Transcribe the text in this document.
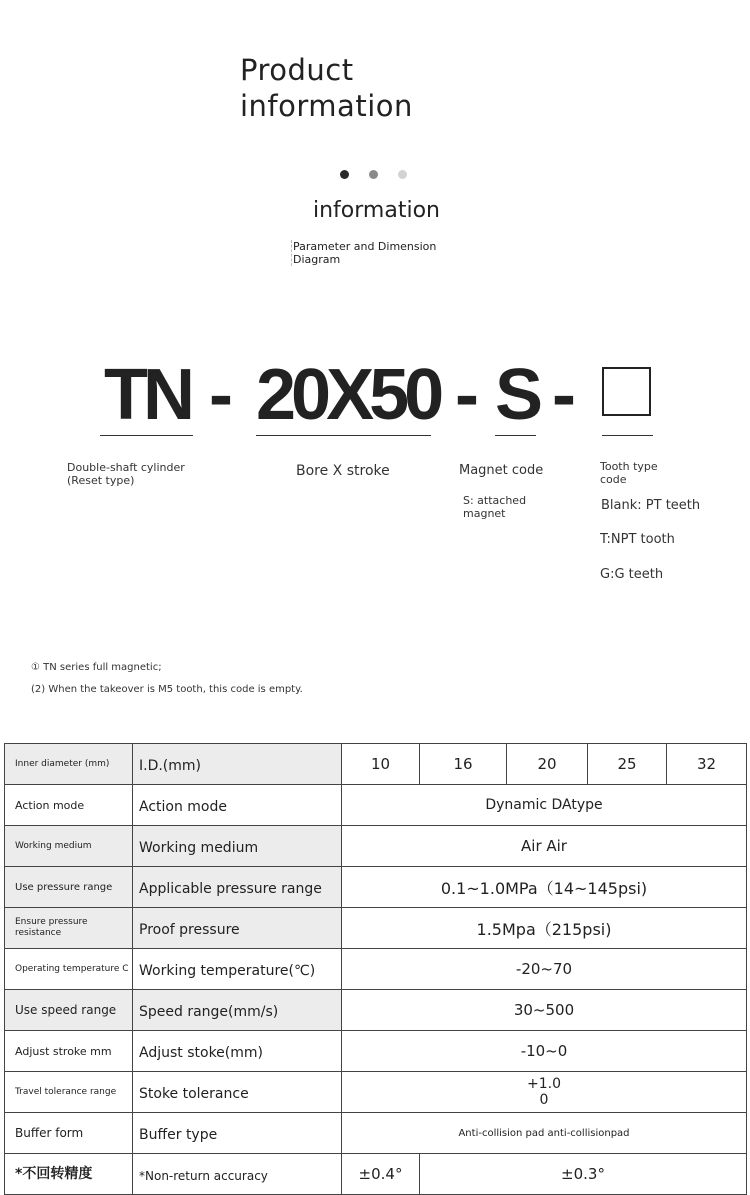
Product
information
information
Parameter and Dimension Diagram
TN - 20X50 - S -
Double-shaft cylinder (Reset type)
Bore X stroke	Magnet code
S: attached magnet
Tooth type code
Blank: PT teeth
T:NPT tooth
G:G teeth
① TN series full magnetic;
(2) When the takeover is M5 tooth, this code is empty.
Inner diameter (mm)	I.D.(mm)	10	16	20	25	32
Action mode	Action mode	Dynamic DAtype				
Working medium	Working medium	Air Air				
Use pressure range	Applicable pressure range	0.1~1.0MPa（14~145psi)				
Ensure pressure resistance	Proof pressure	1.5Mpa（215psi)				
Operating temperature C	Working temperature(℃)	-20~70				
Use speed range	Speed range(mm/s)	30~500				
Adjust stroke mm	Adjust stoke(mm)	-10~0				
Travel tolerance range	Stoke tolerance	+1.0
0				

Buffer form	Buffer type	Anti-collision pad anti-collisionpad				
*不回转精度	*Non-return accuracy	±0.4°	±0.3°			
